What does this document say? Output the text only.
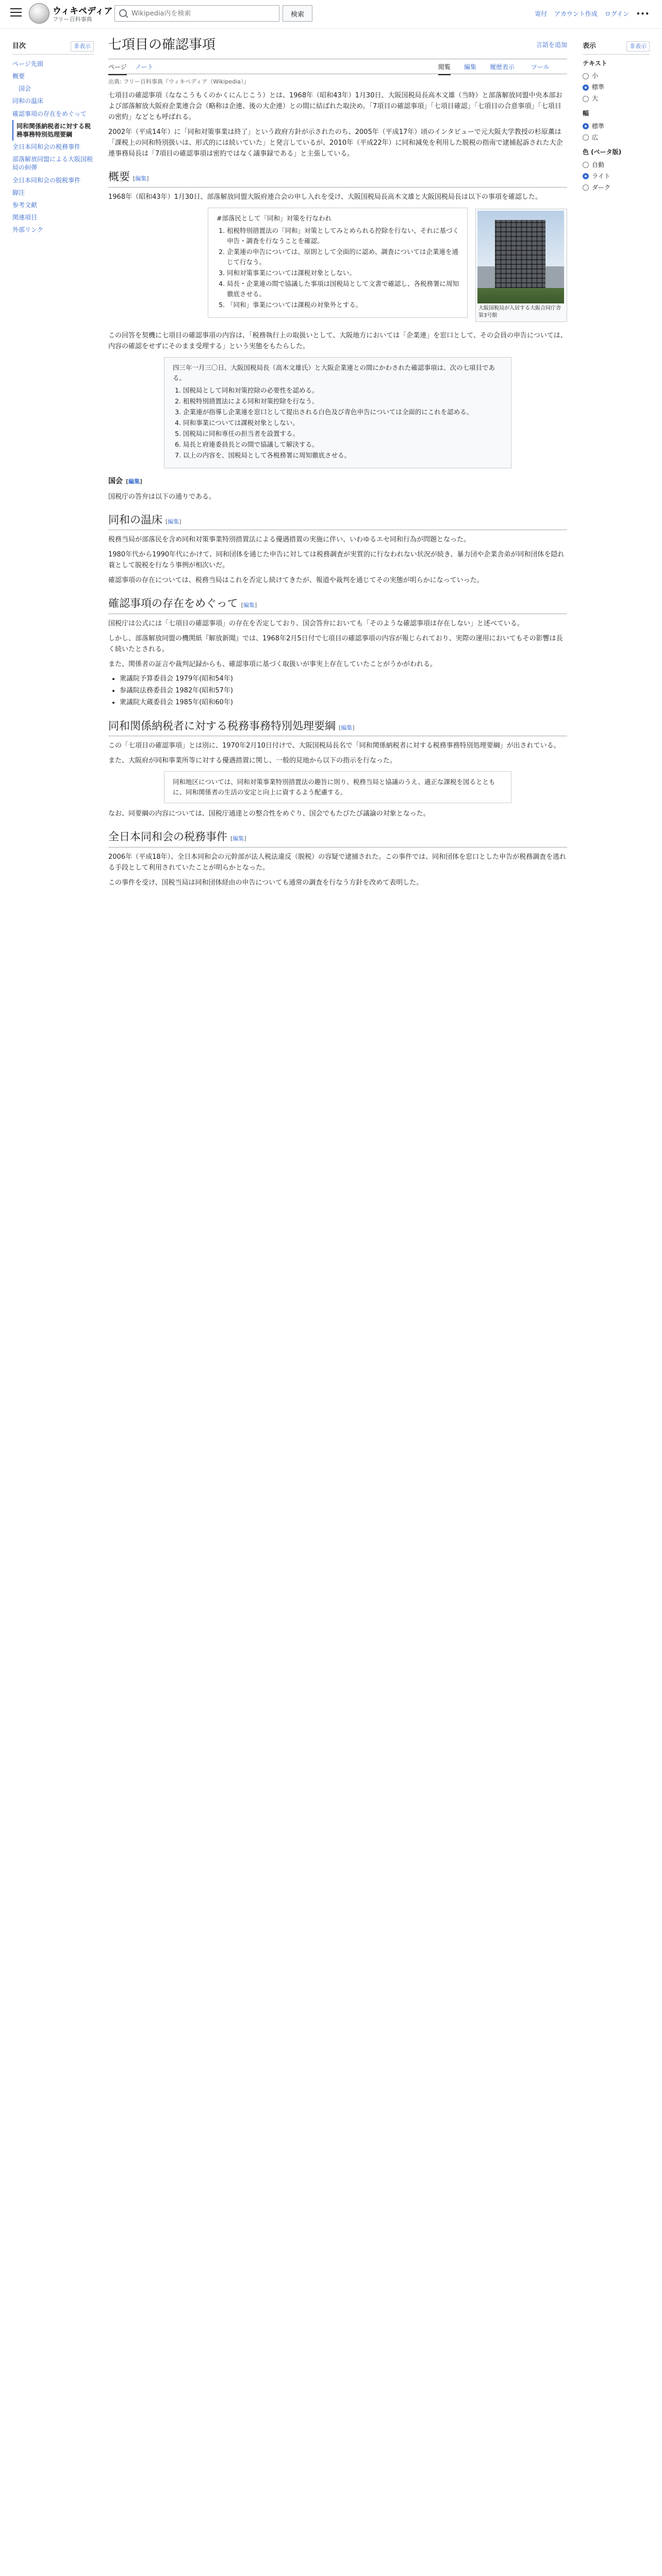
ウィキペディア
フリー百科事典
Wikipedia内を検索
検索	寄付 アカウント作成 ログイン •••
目次	非表示
ページ先頭
概要
国会
同和の温床
確認事項の存在をめぐって
同和関係納税者に対する税務事務特別処理要綱
全日本同和会の税務事件
部落解放同盟による大阪国税局の糾弾
全日本同和会の脱税事件
脚注
参考文献
関連項目
外部リンク
表示	非表示
テキスト
小
標準
大
幅
標準
広
色 (ベータ版)
自動
ライト
ダーク
七項目の確認事項	言語を追加
ページ ノート	閲覧 編集 履歴表示	ツール
出典: フリー百科事典『ウィキペディア（Wikipedia）』
七項目の確認事項（ななこうもくのかくにんじこう）とは、1968年（昭和43年）1月30日、大阪国税局長高木文雄（当時）と部落解放同盟中央本部および部落解放大阪府企業連合会（略称は企連、後の大企連）との間に結ばれた取決め。「7項目の確認事項」「七項目確認」「七項目の合意事項」「七項目の密約」などとも呼ばれる。
2002年（平成14年）に「同和対策事業は終了」という政府方針が示されたのち、2005年（平成17年）頃のインタビューで元大阪大学教授の杉原薫は「課税上の同和特別扱いは、形式的には続いていた」と発言しているが、2010年（平成22年）に同和減免を利用した脱税の指南で逮捕起訴された大企連事務局長は「7項目の確認事項は密約ではなく議事録である」と主張している。
概要 [編集]
1968年（昭和43年）1月30日、部落解放同盟大阪府連合会の申し入れを受け、大阪国税局長高木文雄と大阪国税局長は以下の事項を確認した。
大阪国税局が入居する大阪合同庁舎第3号館
#部落民として「同和」対策を行なわれ
1. 租税特別措置法の「同和」対策としてみとめられる控除を行ない、それに基づく申告・調査を行なうことを確認。
2. 企業連の申告については、原則として全面的に認め、調査については企業連を通じて行なう。
3. 同和対策事業については課税対象としない。
4. 局長・企業連の間で協議した事項は国税局として文書で確認し、各税務署に周知徹底させる。
5. 「同和」事業については課税の対象外とする。
この回答を契機に七項目の確認事項の内容は、「税務執行上の取扱いとして、大阪地方においては「企業連」を窓口として、その会員の申告については、内容の確認をせずにそのまま受理する」という実態をもたらした。
四三年一月三〇日、大阪国税局長（高木文雄氏）と大阪企業連との間にかわされた確認事項は、次の七項目である。
1. 国税局として同和対策控除の必要性を認める。
2. 租税特別措置法による同和対策控除を行なう。
3. 企業連が指導し企業連を窓口として提出される白色及び青色申告については全面的にこれを認める。
4. 同和事業については課税対象としない。
5. 国税局に同和専任の担当者を設置する。
6. 局長と府連委員長との間で協議して解決する。
7. 以上の内容を、国税局として各税務署に周知徹底させる。
国会 [編集]
国税庁の答弁は以下の通りである。
同和の温床 [編集]
税務当局が部落民を含め同和対策事業特別措置法による優遇措置の実施に伴い、いわゆるエセ同和行為が問題となった。
1980年代から1990年代にかけて、同和団体を通じた申告に対しては税務調査が実質的に行なわれない状況が続き、暴力団や企業舎弟が同和団体を隠れ蓑として脱税を行なう事例が相次いだ。
確認事項の存在については、税務当局はこれを否定し続けてきたが、報道や裁判を通じてその実態が明らかになっていった。
確認事項の存在をめぐって [編集]
国税庁は公式には「七項目の確認事項」の存在を否定しており、国会答弁においても「そのような確認事項は存在しない」と述べている。
しかし、部落解放同盟の機関紙『解放新聞』では、1968年2月5日付で七項目の確認事項の内容が報じられており、実際の運用においてもその影響は長く続いたとされる。
また、関係者の証言や裁判記録からも、確認事項に基づく取扱いが事実上存在していたことがうかがわれる。
• 衆議院予算委員会 1979年(昭和54年)
• 参議院法務委員会 1982年(昭和57年)
• 衆議院大蔵委員会 1985年(昭和60年)
同和関係納税者に対する税務事務特別処理要綱 [編集]
この「七項目の確認事項」とは別に、1970年2月10日付けで、大阪国税局長名で「同和関係納税者に対する税務事務特別処理要綱」が出されている。
また、大阪府が同和事業所等に対する優遇措置に関し、一般的見地から以下の指示を行なった。
同和地区については、同和対策事業特別措置法の趣旨に則り、税務当局と協議のうえ、適正な課税を図るとともに、同和関係者の生活の安定と向上に資するよう配慮する。
なお、同要綱の内容については、国税庁通達との整合性をめぐり、国会でもたびたび議論の対象となった。
全日本同和会の税務事件 [編集]
2006年（平成18年）、全日本同和会の元幹部が法人税法違反（脱税）の容疑で逮捕された。この事件では、同和団体を窓口とした申告が税務調査を逃れる手段として利用されていたことが明らかとなった。
この事件を受け、国税当局は同和団体経由の申告についても通常の調査を行なう方針を改めて表明した。
